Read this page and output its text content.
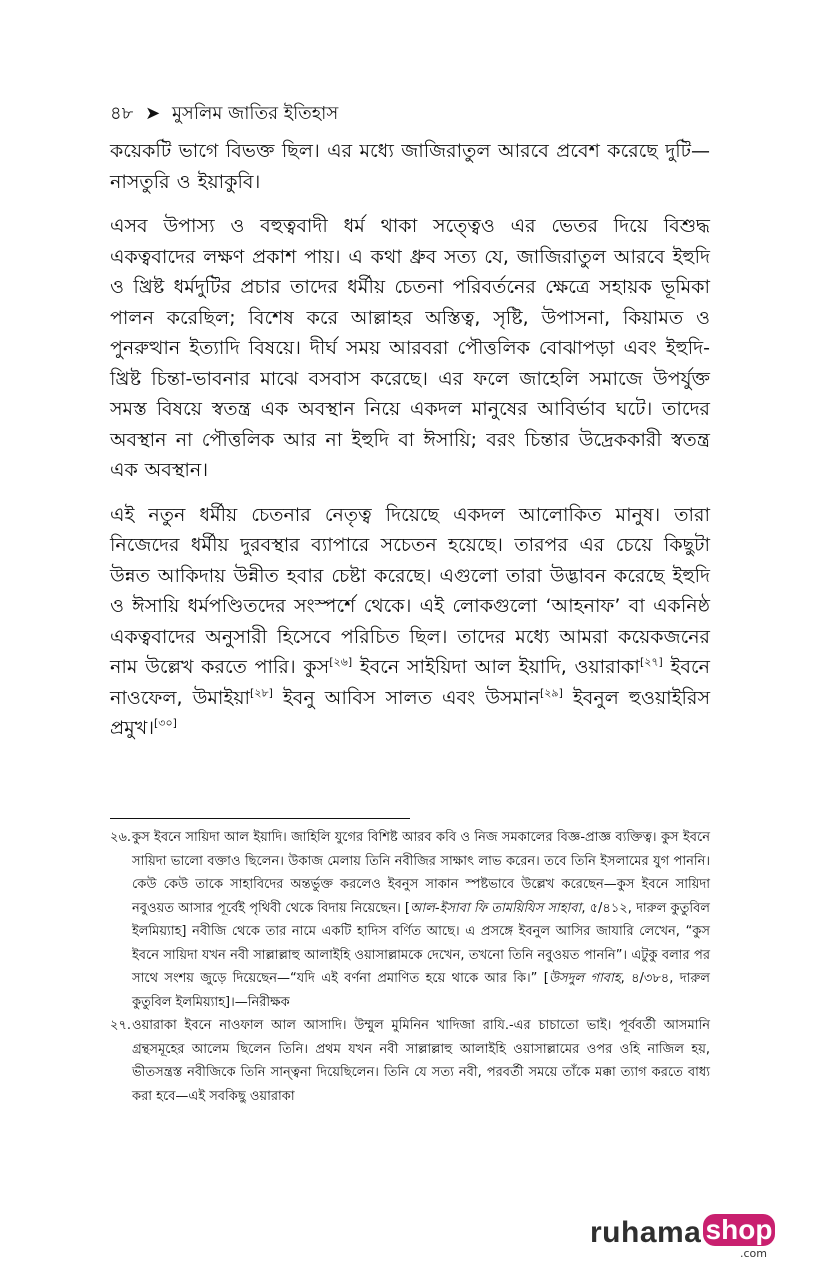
৪৮ ➤ মুসলিম জাতির ইতিহাস

কয়েকটি ভাগে বিভক্ত ছিল। এর মধ্যে জাজিরাতুল আরবে প্রবেশ করেছে দুটি—নাসতুরি ও ইয়াকুবি।

এসব উপাস্য ও বহুত্ববাদী ধর্ম থাকা সত্ত্বেও এর ভেতর দিয়ে বিশুদ্ধ একত্ববাদের লক্ষণ প্রকাশ পায়। এ কথা ধ্রুব সত্য যে, জাজিরাতুল আরবে ইহুদি ও খ্রিষ্ট ধর্মদুটির প্রচার তাদের ধর্মীয় চেতনা পরিবর্তনের ক্ষেত্রে সহায়ক ভূমিকা পালন করেছিল; বিশেষ করে আল্লাহর অস্তিত্ব, সৃষ্টি, উপাসনা, কিয়ামত ও পুনরুত্থান ইত্যাদি বিষয়ে। দীর্ঘ সময় আরবরা পৌত্তলিক বোঝাপড়া এবং ইহুদি-খ্রিষ্ট চিন্তা-ভাবনার মাঝে বসবাস করেছে। এর ফলে জাহেলি সমাজে উপর্যুক্ত সমস্ত বিষয়ে স্বতন্ত্র এক অবস্থান নিয়ে একদল মানুষের আবির্ভাব ঘটে। তাদের অবস্থান না পৌত্তলিক আর না ইহুদি বা ঈসায়ি; বরং চিন্তার উদ্রেককারী স্বতন্ত্র এক অবস্থান।

এই নতুন ধর্মীয় চেতনার নেতৃত্ব দিয়েছে একদল আলোকিত মানুষ। তারা নিজেদের ধর্মীয় দুরবস্থার ব্যাপারে সচেতন হয়েছে। তারপর এর চেয়ে কিছুটা উন্নত আকিদায় উন্নীত হবার চেষ্টা করেছে। এগুলো তারা উদ্ভাবন করেছে ইহুদি ও ঈসায়ি ধর্মপণ্ডিতদের সংস্পর্শে থেকে। এই লোকগুলো ‘আহনাফ’ বা একনিষ্ঠ একত্ববাদের অনুসারী হিসেবে পরিচিত ছিল। তাদের মধ্যে আমরা কয়েকজনের নাম উল্লেখ করতে পারি। কুস[২৬] ইবনে সাইয়িদা আল ইয়াদি, ওয়ারাকা[২৭] ইবনে নাওফেল, উমাইয়া[২৮] ইবনু আবিস সালত এবং উসমান[২৯] ইবনুল হুওয়াইরিস প্রমুখ।[৩০]

২৬. কুস ইবনে সায়িদা আল ইয়াদি। জাহিলি যুগের বিশিষ্ট আরব কবি ও নিজ সমকালের বিজ্ঞ-প্রাজ্ঞ ব্যক্তিত্ব। কুস ইবনে সায়িদা ভালো বক্তাও ছিলেন। উকাজ মেলায় তিনি নবীজির সাক্ষাৎ লাভ করেন। তবে তিনি ইসলামের যুগ পাননি। কেউ কেউ তাকে সাহাবিদের অন্তর্ভুক্ত করলেও ইবনুস সাকান স্পষ্টভাবে উল্লেখ করেছেন—কুস ইবনে সায়িদা নবুওয়ত আসার পূর্বেই পৃথিবী থেকে বিদায় নিয়েছেন। [আল-ইসাবা ফি তাময়িযিস সাহাবা, ৫/৪১২, দারুল কুতুবিল ইলমিয়্যাহ] নবীজি থেকে তার নামে একটি হাদিস বর্ণিত আছে। এ প্রসঙ্গে ইবনুল আসির জাযারি লেখেন, “কুস ইবনে সায়িদা যখন নবী সাল্লাল্লাহু আলাইহি ওয়াসাল্লামকে দেখেন, তখনো তিনি নবুওয়ত পাননি”। এটুকু বলার পর সাথে সংশয় জুড়ে দিয়েছেন—“যদি এই বর্ণনা প্রমাণিত হয়ে থাকে আর কি।” [উসদুল গাবাহ, ৪/৩৮৪, দারুল কুতুবিল ইলমিয়্যাহ]।—নিরীক্ষক
২৭. ওয়ারাকা ইবনে নাওফাল আল আসাদি। উম্মুল মুমিনিন খাদিজা রাযি.-এর চাচাতো ভাই। পূর্ববর্তী আসমানি গ্রন্থসমূহের আলেম ছিলেন তিনি। প্রথম যখন নবী সাল্লাল্লাহু আলাইহি ওয়াসাল্লামের ওপর ওহি নাজিল হয়, ভীতসন্ত্রস্ত নবীজিকে তিনি সান্ত্বনা দিয়েছিলেন। তিনি যে সত্য নবী, পরবর্তী সময়ে তাঁকে মক্কা ত্যাগ করতে বাধ্য করা হবে—এই সবকিছু ওয়ারাকা
ruhama shop
.com
